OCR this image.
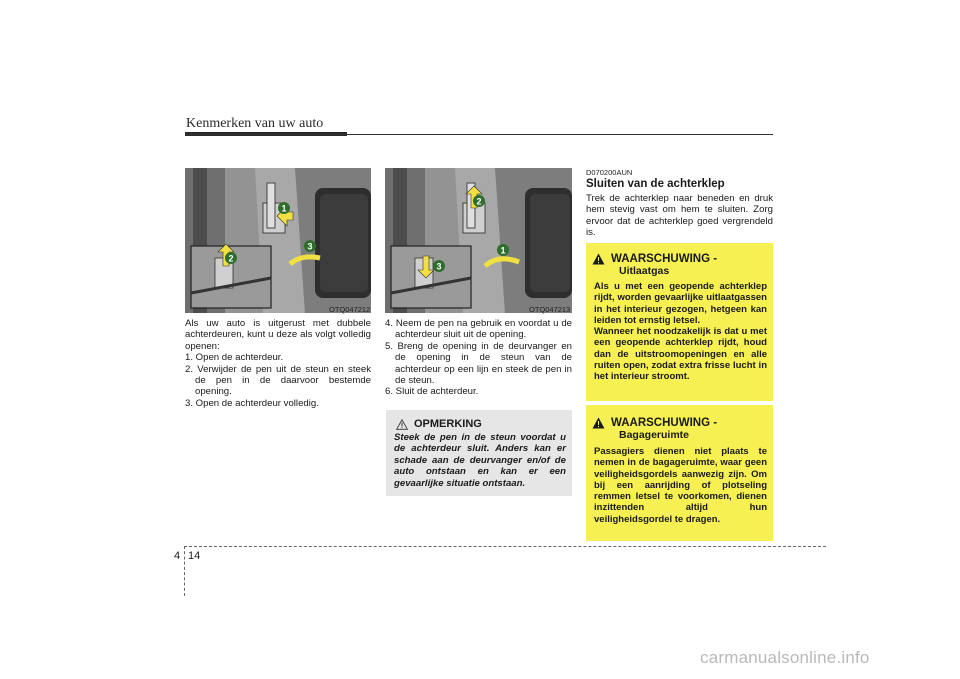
Kenmerken van uw auto
1
3
2
OTQ047212
2
1
3
OTQ047213

Als uw auto is uitgerust met dubbele achterdeuren, kunt u deze als volgt volledig openen:

1. Open de achterdeur.

2. Verwijder de pen uit de steun en steek de pen in de daarvoor bestemde opening.

3. Open de achterdeur volledig.

4. Neem de pen na gebruik en voordat u de achterdeur sluit uit de opening.

5. Breng de opening in de deurvanger en de opening in de steun van de achterdeur op een lijn en steek de pen in de steun.

6. Sluit de achterdeur.

OPMERKING
Steek de pen in de steun voordat u de achterdeur sluit. Anders kan er schade aan de deurvanger en/of de auto ontstaan en kan er een gevaarlijke situatie ontstaan.
D070200AUN
Sluiten van de achterklep
Trek de achterklep naar beneden en druk hem stevig vast om hem te sluiten. Zorg ervoor dat de achterklep goed vergrendeld is.
WAARSCHUWING -
Uitlaatgas

Als u met een geopende achterklep rijdt, worden gevaarlijke uitlaatgassen in het interieur gezogen, hetgeen kan leiden tot ernstig letsel.

Wanneer het noodzakelijk is dat u met een geopende achterklep rijdt, houd dan de uitstroomopeningen en alle ruiten open, zodat extra frisse lucht in het interieur stroomt.

WAARSCHUWING -
Bagageruimte

Passagiers dienen niet plaats te nemen in de bagageruimte, waar geen veiligheidsgordels aanwezig zijn. Om bij een aanrijding of plotseling remmen letsel te voorkomen, dienen inzittenden altijd hun veiligheidsgordel te dragen.

4 14
carmanualsonline.info
